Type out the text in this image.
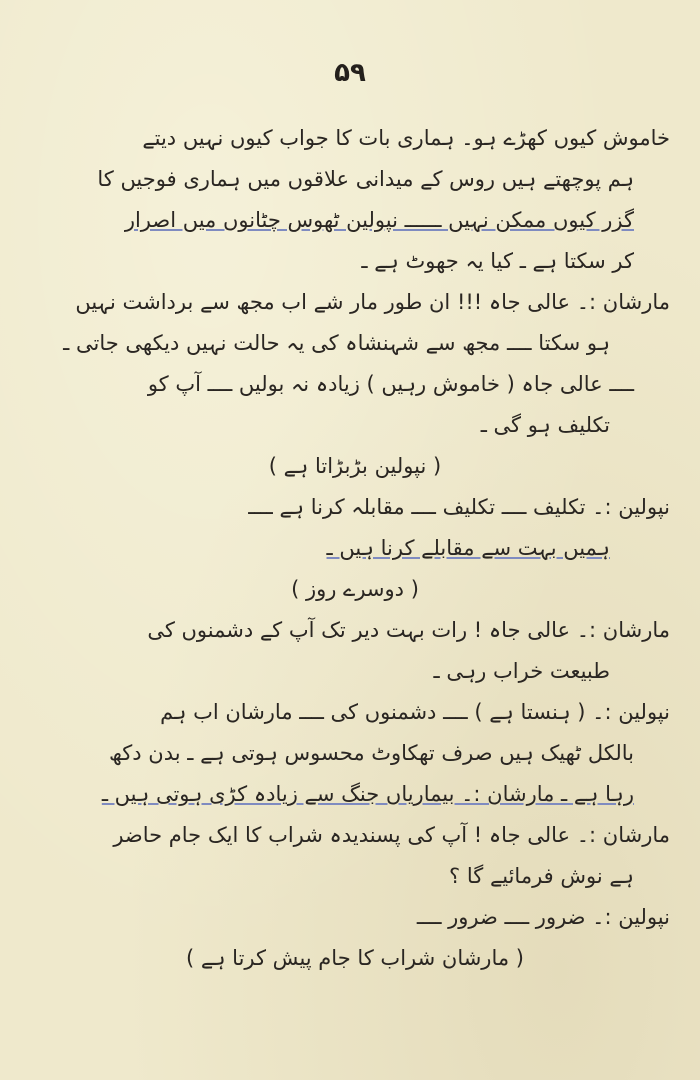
۵۹
خاموش کیوں کھڑے ہو۔ ہماری بات کا جواب کیوں نہیں دیتے
ہم پوچھتے ہیں روس کے میدانی علاقوں میں ہماری فوجیں کا
گزر کیوں ممکن نہیں ــــــ نپولین ٹھوس چٹانوں میں اصرار
کر سکتا ہے ـ کیا یہ جھوٹ ہے ـ
مارشان :۔ عالی جاہ !!! ان طور مار شے اب مجھ سے برداشت نہیں
ہو سکتا ــــ مجھ سے شہنشاہ کی یہ حالت نہیں دیکھی جاتی ـ
ــــ عالی جاہ ( خاموش رہیں ) زیادہ نہ بولیں ــــ آپ کو
تکلیف ہو گی ـ
( نپولین بڑبڑاتا ہے )
نپولین :۔ تکلیف ــــ تکلیف ــــ مقابلہ کرنا ہے ــــ
ہمیں بہت سے مقابلے کرنا ہیں ـ
( دوسرے روز )
مارشان :۔ عالی جاہ ! رات بہت دیر تک آپ کے دشمنوں کی
طبیعت خراب رہی ـ
نپولین :۔ ( ہنستا ہے ) ــــ دشمنوں کی ــــ مارشان اب ہم
بالکل ٹھیک ہیں صرف تھکاوٹ محسوس ہوتی ہے ـ بدن دکھ
رہا ہے ـ مارشان :۔ بیماریاں جنگ سے زیادہ کڑی ہوتی ہیں ـ
مارشان :۔ عالی جاہ ! آپ کی پسندیدہ شراب کا ایک جام حاضر
ہے نوش فرمائیے گا ؟
نپولین :۔ ضرور ــــ ضرور ــــ
( مارشان شراب کا جام پیش کرتا ہے )
